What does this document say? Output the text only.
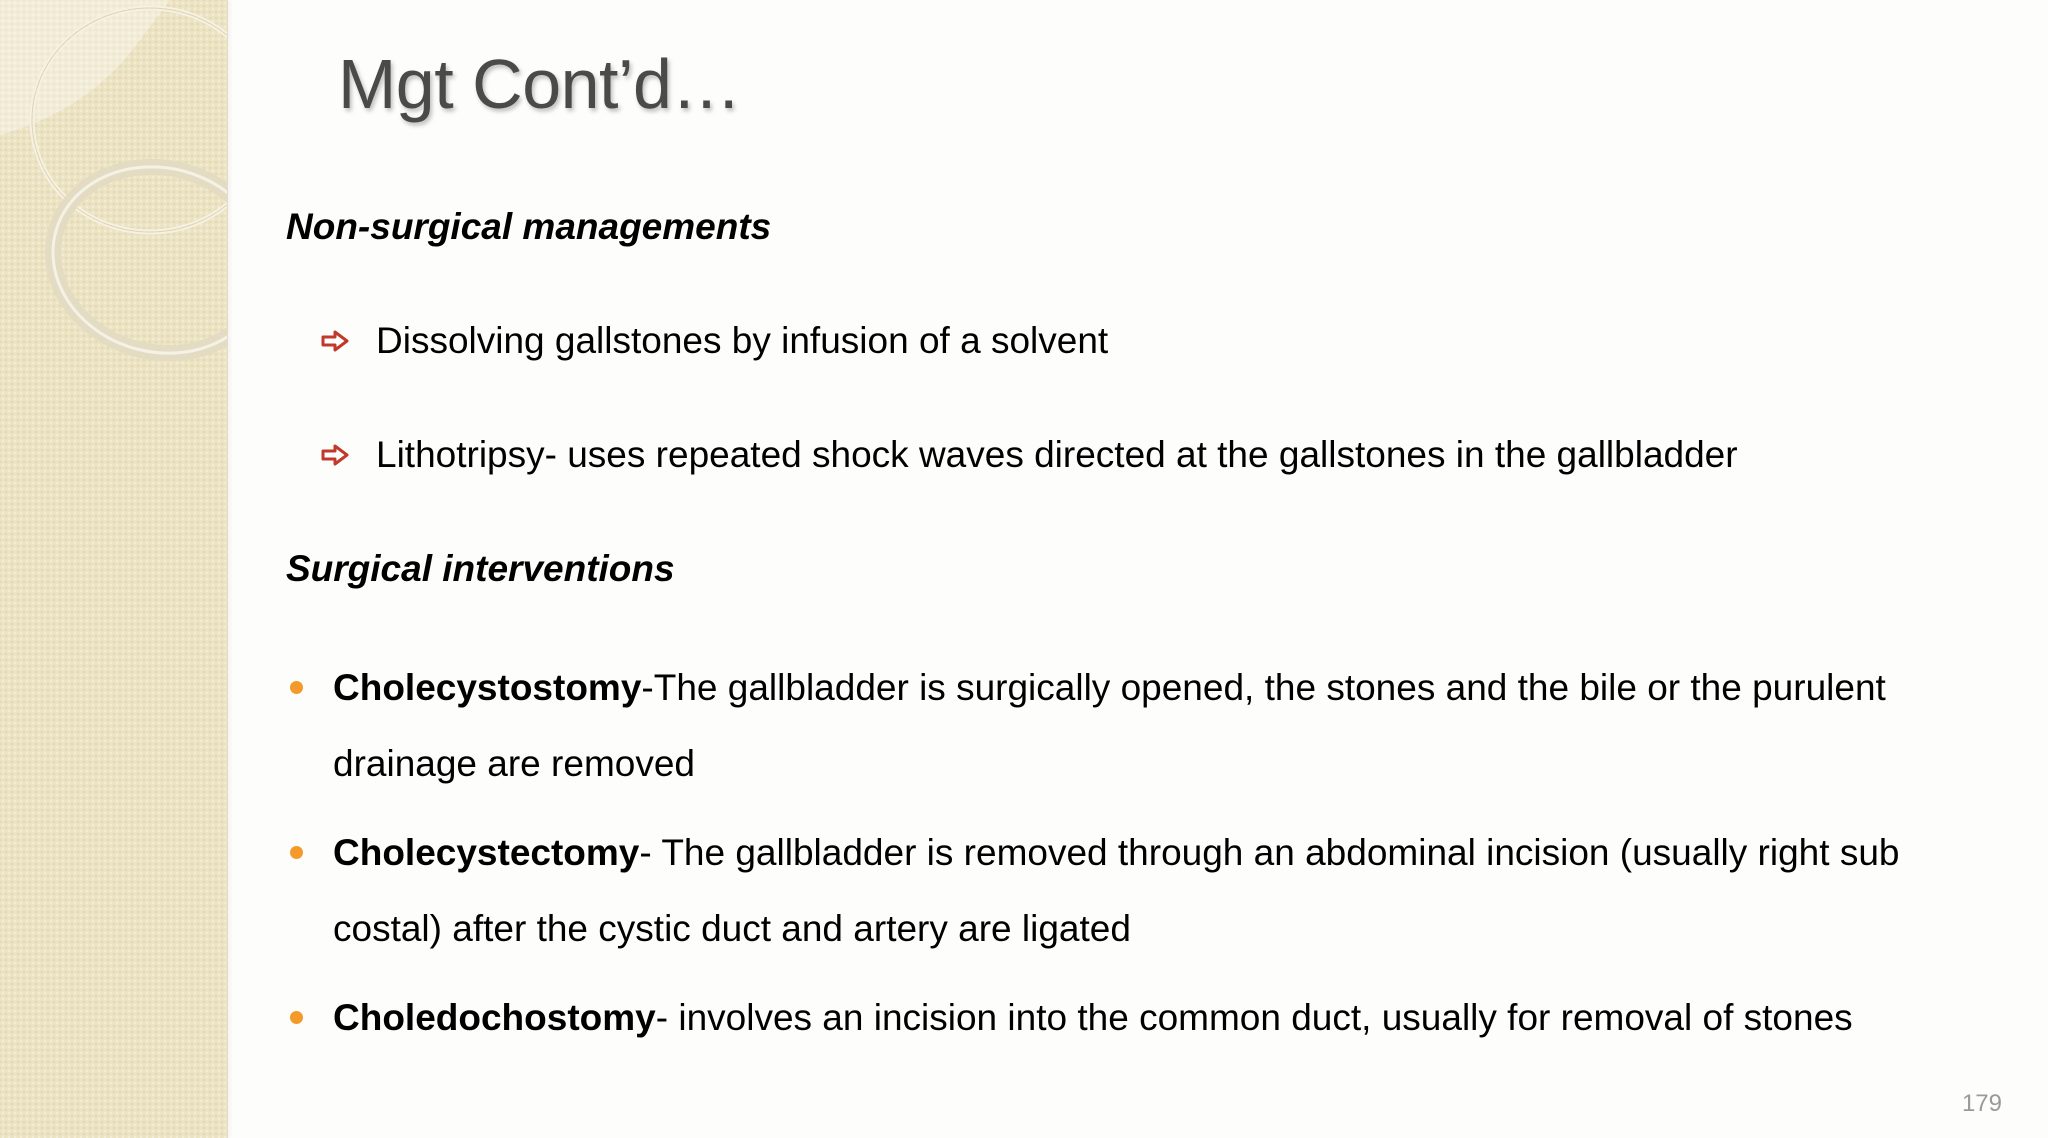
Mgt Cont’d…
Non-surgical managements
Dissolving gallstones by infusion of a solvent
Lithotripsy- uses repeated shock waves directed at the gallstones in the gallbladder
Surgical interventions
Cholecystostomy-The gallbladder is surgically opened, the stones and the bile or the purulent drainage are removed
Cholecystectomy- The gallbladder is removed through an abdominal incision (usually right sub costal) after the cystic duct and artery are ligated
Choledochostomy- involves an incision into the common duct, usually for removal of stones
179
